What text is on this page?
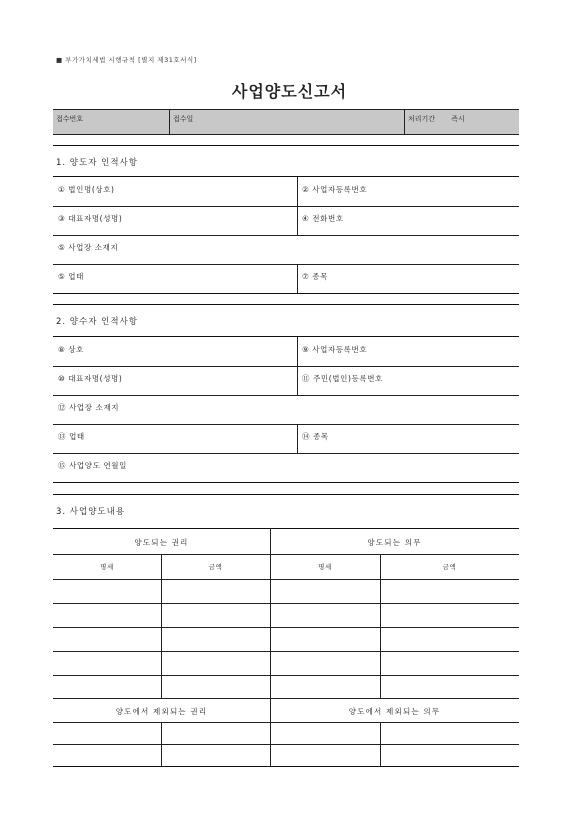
■ 부가가치세법 시행규칙 [별지 제31호서식]
사업양도신고서
접수번호	접수일	처리기간 즉시
1. 양도자 인적사항
① 법인명(상호)	② 사업자등록번호
③ 대표자명(성명)	④ 전화번호
⑤ 사업장 소재지
⑤ 업태	⑦ 종목
2. 양수자 인적사항
⑧ 상호	⑨ 사업자등록번호
⑩ 대표자명(성명)	⑪ 주민(법인)등록번호
⑫ 사업장 소재지
⑬ 업태	⑭ 종목
⑮ 사업양도 연월일
3. 사업양도내용
양도되는 권리	양도되는 의무
명세	금액	명세	금액
양도에서 제외되는 권리	양도에서 제외되는 의무
